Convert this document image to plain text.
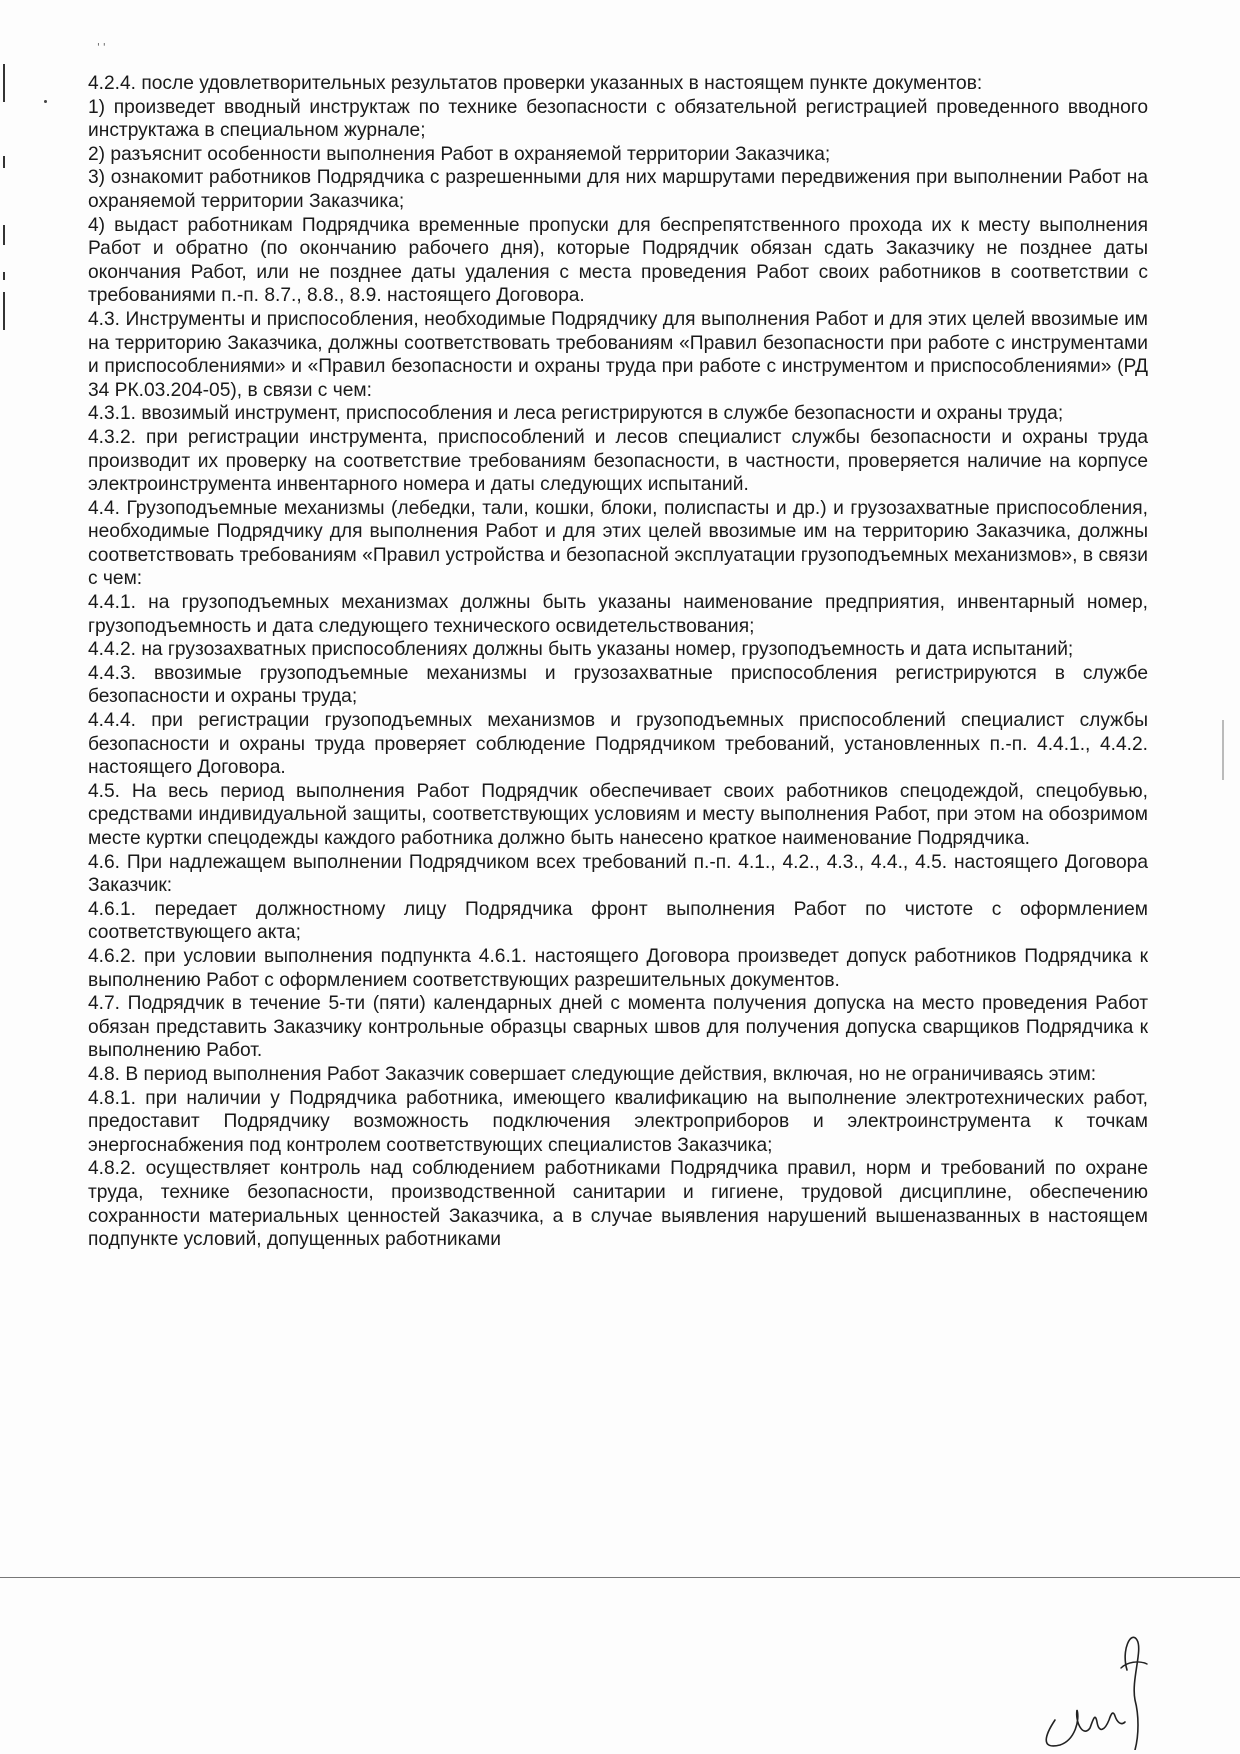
' '

4.2.4. после удовлетворительных результатов проверки указанных в настоящем пункте документов:

1) произведет вводный инструктаж по технике безопасности с обязательной регистрацией проведенного вводного инструктажа в специальном журнале;

2) разъяснит особенности выполнения Работ в охраняемой территории Заказчика;

3) ознакомит работников Подрядчика с разрешенными для них маршрутами передвижения при выполнении Работ на охраняемой территории Заказчика;

4) выдаст работникам Подрядчика временные пропуски для беспрепятственного прохода их к месту выполнения Работ и обратно (по окончанию рабочего дня), которые Подрядчик обязан сдать Заказчику не позднее даты окончания Работ, или не позднее даты удаления с места проведения Работ своих работников в соответствии с требованиями п.-п. 8.7., 8.8., 8.9. настоящего Договора.

4.3. Инструменты и приспособления, необходимые Подрядчику для выполнения Работ и для этих целей ввозимые им на территорию Заказчика, должны соответствовать требованиям «Правил безопасности при работе с инструментами и приспособлениями» и «Правил безопасности и охраны труда при работе с инструментом и приспособлениями» (РД 34 РК.03.204-05), в связи с чем:

4.3.1. ввозимый инструмент, приспособления и леса регистрируются в службе безопасности и охраны труда;

4.3.2. при регистрации инструмента, приспособлений и лесов специалист службы безопасности и охраны труда производит их проверку на соответствие требованиям безопасности, в частности, проверяется наличие на корпусе электроинструмента инвентарного номера и даты следующих испытаний.

4.4. Грузоподъемные механизмы (лебедки, тали, кошки, блоки, полиспасты и др.) и грузозахватные приспособления, необходимые Подрядчику для выполнения Работ и для этих целей ввозимые им на территорию Заказчика, должны соответствовать требованиям «Правил устройства и безопасной эксплуатации грузоподъемных механизмов», в связи с чем:

4.4.1. на грузоподъемных механизмах должны быть указаны наименование предприятия, инвентарный номер, грузоподъемность и дата следующего технического освидетельствования;

4.4.2. на грузозахватных приспособлениях должны быть указаны номер, грузоподъемность и дата испытаний;

4.4.3. ввозимые грузоподъемные механизмы и грузозахватные приспособления регистрируются в службе безопасности и охраны труда;

4.4.4. при регистрации грузоподъемных механизмов и грузоподъемных приспособлений специалист службы безопасности и охраны труда проверяет соблюдение Подрядчиком требований, установленных п.-п. 4.4.1., 4.4.2. настоящего Договора.

4.5. На весь период выполнения Работ Подрядчик обеспечивает своих работников спецодеждой, спецобувью, средствами индивидуальной защиты, соответствующих условиям и месту выполнения Работ, при этом на обозримом месте куртки спецодежды каждого работника должно быть нанесено краткое наименование Подрядчика.

4.6. При надлежащем выполнении Подрядчиком всех требований п.-п. 4.1., 4.2., 4.3., 4.4., 4.5. настоящего Договора Заказчик:

4.6.1. передает должностному лицу Подрядчика фронт выполнения Работ по чистоте с оформлением соответствующего акта;

4.6.2. при условии выполнения подпункта 4.6.1. настоящего Договора произведет допуск работников Подрядчика к выполнению Работ с оформлением соответствующих разрешительных документов.

4.7. Подрядчик в течение 5-ти (пяти) календарных дней с момента получения допуска на место проведения Работ обязан представить Заказчику контрольные образцы сварных швов для получения допуска сварщиков Подрядчика к выполнению Работ.

4.8. В период выполнения Работ Заказчик совершает следующие действия, включая, но не ограничиваясь этим:

4.8.1. при наличии у Подрядчика работника, имеющего квалификацию на выполнение электротехнических работ, предоставит Подрядчику возможность подключения электроприборов и электроинструмента к точкам энергоснабжения под контролем соответствующих специалистов Заказчика;

4.8.2. осуществляет контроль над соблюдением работниками Подрядчика правил, норм и требований по охране труда, технике безопасности, производственной санитарии и гигиене, трудовой дисциплине, обеспечению сохранности материальных ценностей Заказчика, а в случае выявления нарушений вышеназванных в настоящем подпункте условий, допущенных работниками
